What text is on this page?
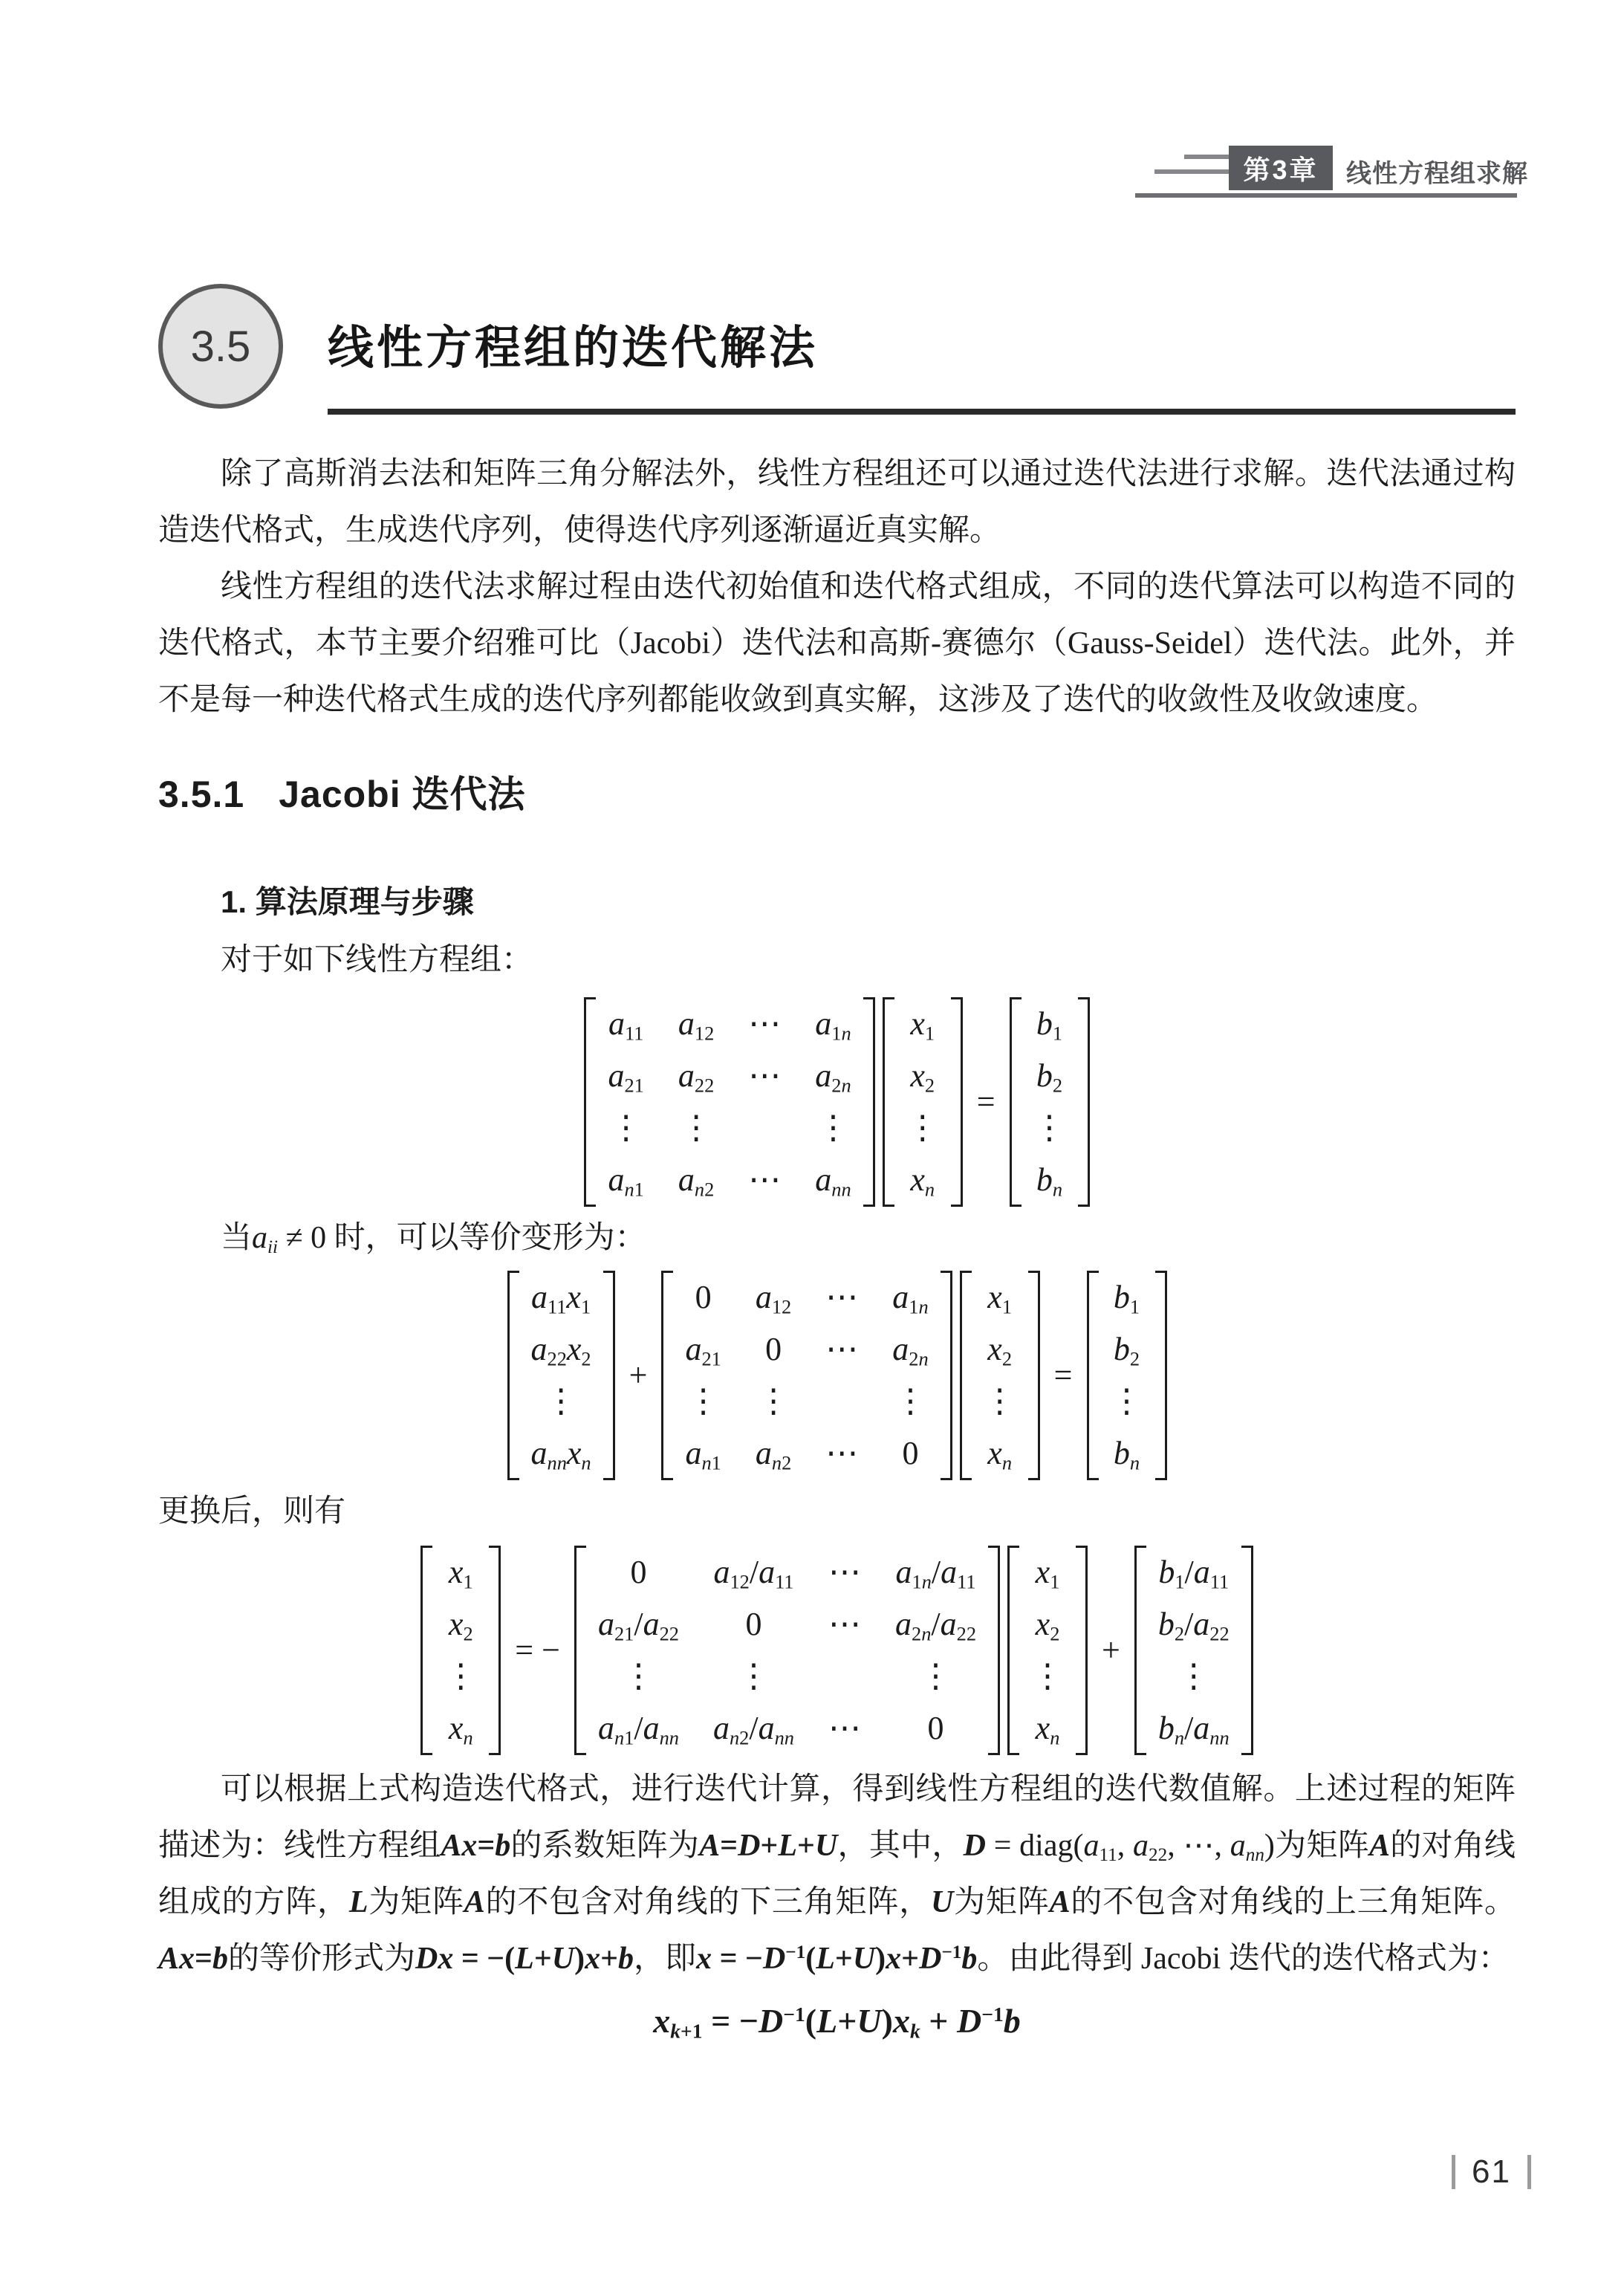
第3章 线性方程组求解
3.5 线性方程组的迭代解法

除了高斯消去法和矩阵三角分解法外，线性方程组还可以通过迭代法进行求解。迭代法通过构造迭代格式，生成迭代序列，使得迭代序列逐渐逼近真实解。

线性方程组的迭代法求解过程由迭代初始值和迭代格式组成，不同的迭代算法可以构造不同的迭代格式，本节主要介绍雅可比（Jacobi）迭代法和高斯-赛德尔（Gauss-Seidel）迭代法。此外，并不是每一种迭代格式生成的迭代序列都能收敛到真实解，这涉及了迭代的收敛性及收敛速度。

3.5.1 Jacobi 迭代法

1. 算法原理与步骤

对于如下线性方程组：

$a_{11}$ $a_{12}$ ⋯ $a_{1n}$
$a_{21}$ $a_{22}$ ⋯ $a_{2n}$
⋮ ⋮	⋮
$a_{n1}$ $a_{n2}$ ⋯ $a_{nn}$
$x_1$
$x_2$
⋮
$x_n$
=
$b_1$
$b_2$
⋮
$b_n$

当$a_{ii} \ne 0$ 时，可以等价变形为：

$a_{11}x_1$
$a_{22}x_2$
⋮
$a_{nn}x_n$
+
0 $a_{12}$ ⋯ $a_{1n}$
$a_{21}$ 0 ⋯ $a_{2n}$
⋮ ⋮	⋮
$a_{n1}$ $a_{n2}$ ⋯ 0
$x_1$
$x_2$
⋮
$x_n$
=
$b_1$
$b_2$
⋮
$b_n$

更换后，则有

$x_1$
$x_2$
⋮
$x_n$
= −
0 $a_{12}/a_{11}$ ⋯ $a_{1n}/a_{11}$
$a_{21}/a_{22}$ 0 ⋯ $a_{2n}/a_{22}$
⋮	⋮	⋮
$a_{n1}/a_{nn}$ $a_{n2}/a_{nn}$ ⋯ 0
$x_1$
$x_2$
⋮
$x_n$
+
$b_1/a_{11}$
$b_2/a_{22}$
⋮
$b_n/a_{nn}$

可以根据上式构造迭代格式，进行迭代计算，得到线性方程组的迭代数值解。上述过程的矩阵描述为：线性方程组Ax=b的系数矩阵为A=D+L+U，其中，$D = diag(a_{11}$, $a_{22}$, ⋯, $a_{nn}$)为矩阵A的对角线组成的方阵，L为矩阵A的不包含对角线的下三角矩阵，U为矩阵A的不包含对角线的上三角矩阵。Ax=b的等价形式为Dx = −(L+U)x+b，即$x = -D^{-1}(L+U)x+D^{-1}b$。由此得到 Jacobi 迭代的迭代格式为：

$x_{k+1} = -D^{-1}(L+U)x_k + D^{-1}b$

61
